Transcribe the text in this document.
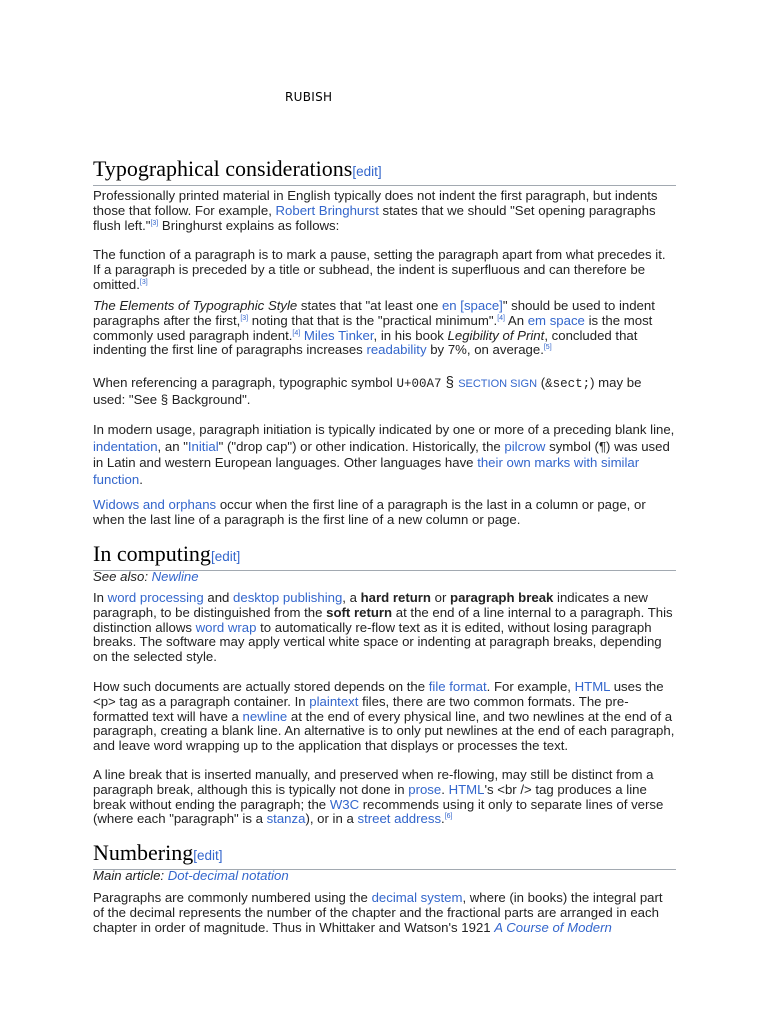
RUBISH
Typographical considerations[edit]

Professionally printed material in English typically does not indent the first paragraph, but indents those that follow. For example, Robert Bringhurst states that we should "Set opening paragraphs flush left."[3] Bringhurst explains as follows:

The function of a paragraph is to mark a pause, setting the paragraph apart from what precedes it. If a paragraph is preceded by a title or subhead, the indent is superfluous and can therefore be omitted.[3]

The Elements of Typographic Style states that "at least one en [space]" should be used to indent paragraphs after the first,[3] noting that that is the "practical minimum".[4] An em space is the most commonly used paragraph indent.[4] Miles Tinker, in his book Legibility of Print, concluded that indenting the first line of paragraphs increases readability by 7%, on average.[5]

When referencing a paragraph, typographic symbol U+00A7 § SECTION SIGN (&sect;) may be used: "See § Background".

In modern usage, paragraph initiation is typically indicated by one or more of a preceding blank line, indentation, an "Initial" ("drop cap") or other indication. Historically, the pilcrow symbol (¶) was used in Latin and western European languages. Other languages have their own marks with similar function.

Widows and orphans occur when the first line of a paragraph is the last in a column or page, or when the last line of a paragraph is the first line of a new column or page.

In computing[edit]
See also: Newline

In word processing and desktop publishing, a hard return or paragraph break indicates a new paragraph, to be distinguished from the soft return at the end of a line internal to a paragraph. This distinction allows word wrap to automatically re-flow text as it is edited, without losing paragraph breaks. The software may apply vertical white space or indenting at paragraph breaks, depending on the selected style.

How such documents are actually stored depends on the file format. For example, HTML uses the <p> tag as a paragraph container. In plaintext files, there are two common formats. The pre-formatted text will have a newline at the end of every physical line, and two newlines at the end of a paragraph, creating a blank line. An alternative is to only put newlines at the end of each paragraph, and leave word wrapping up to the application that displays or processes the text.

A line break that is inserted manually, and preserved when re-flowing, may still be distinct from a paragraph break, although this is typically not done in prose. HTML's <br /> tag produces a line break without ending the paragraph; the W3C recommends using it only to separate lines of verse (where each "paragraph" is a stanza), or in a street address.[6]

Numbering[edit]
Main article: Dot-decimal notation

Paragraphs are commonly numbered using the decimal system, where (in books) the integral part of the decimal represents the number of the chapter and the fractional parts are arranged in each chapter in order of magnitude. Thus in Whittaker and Watson's 1921 A Course of Modern
